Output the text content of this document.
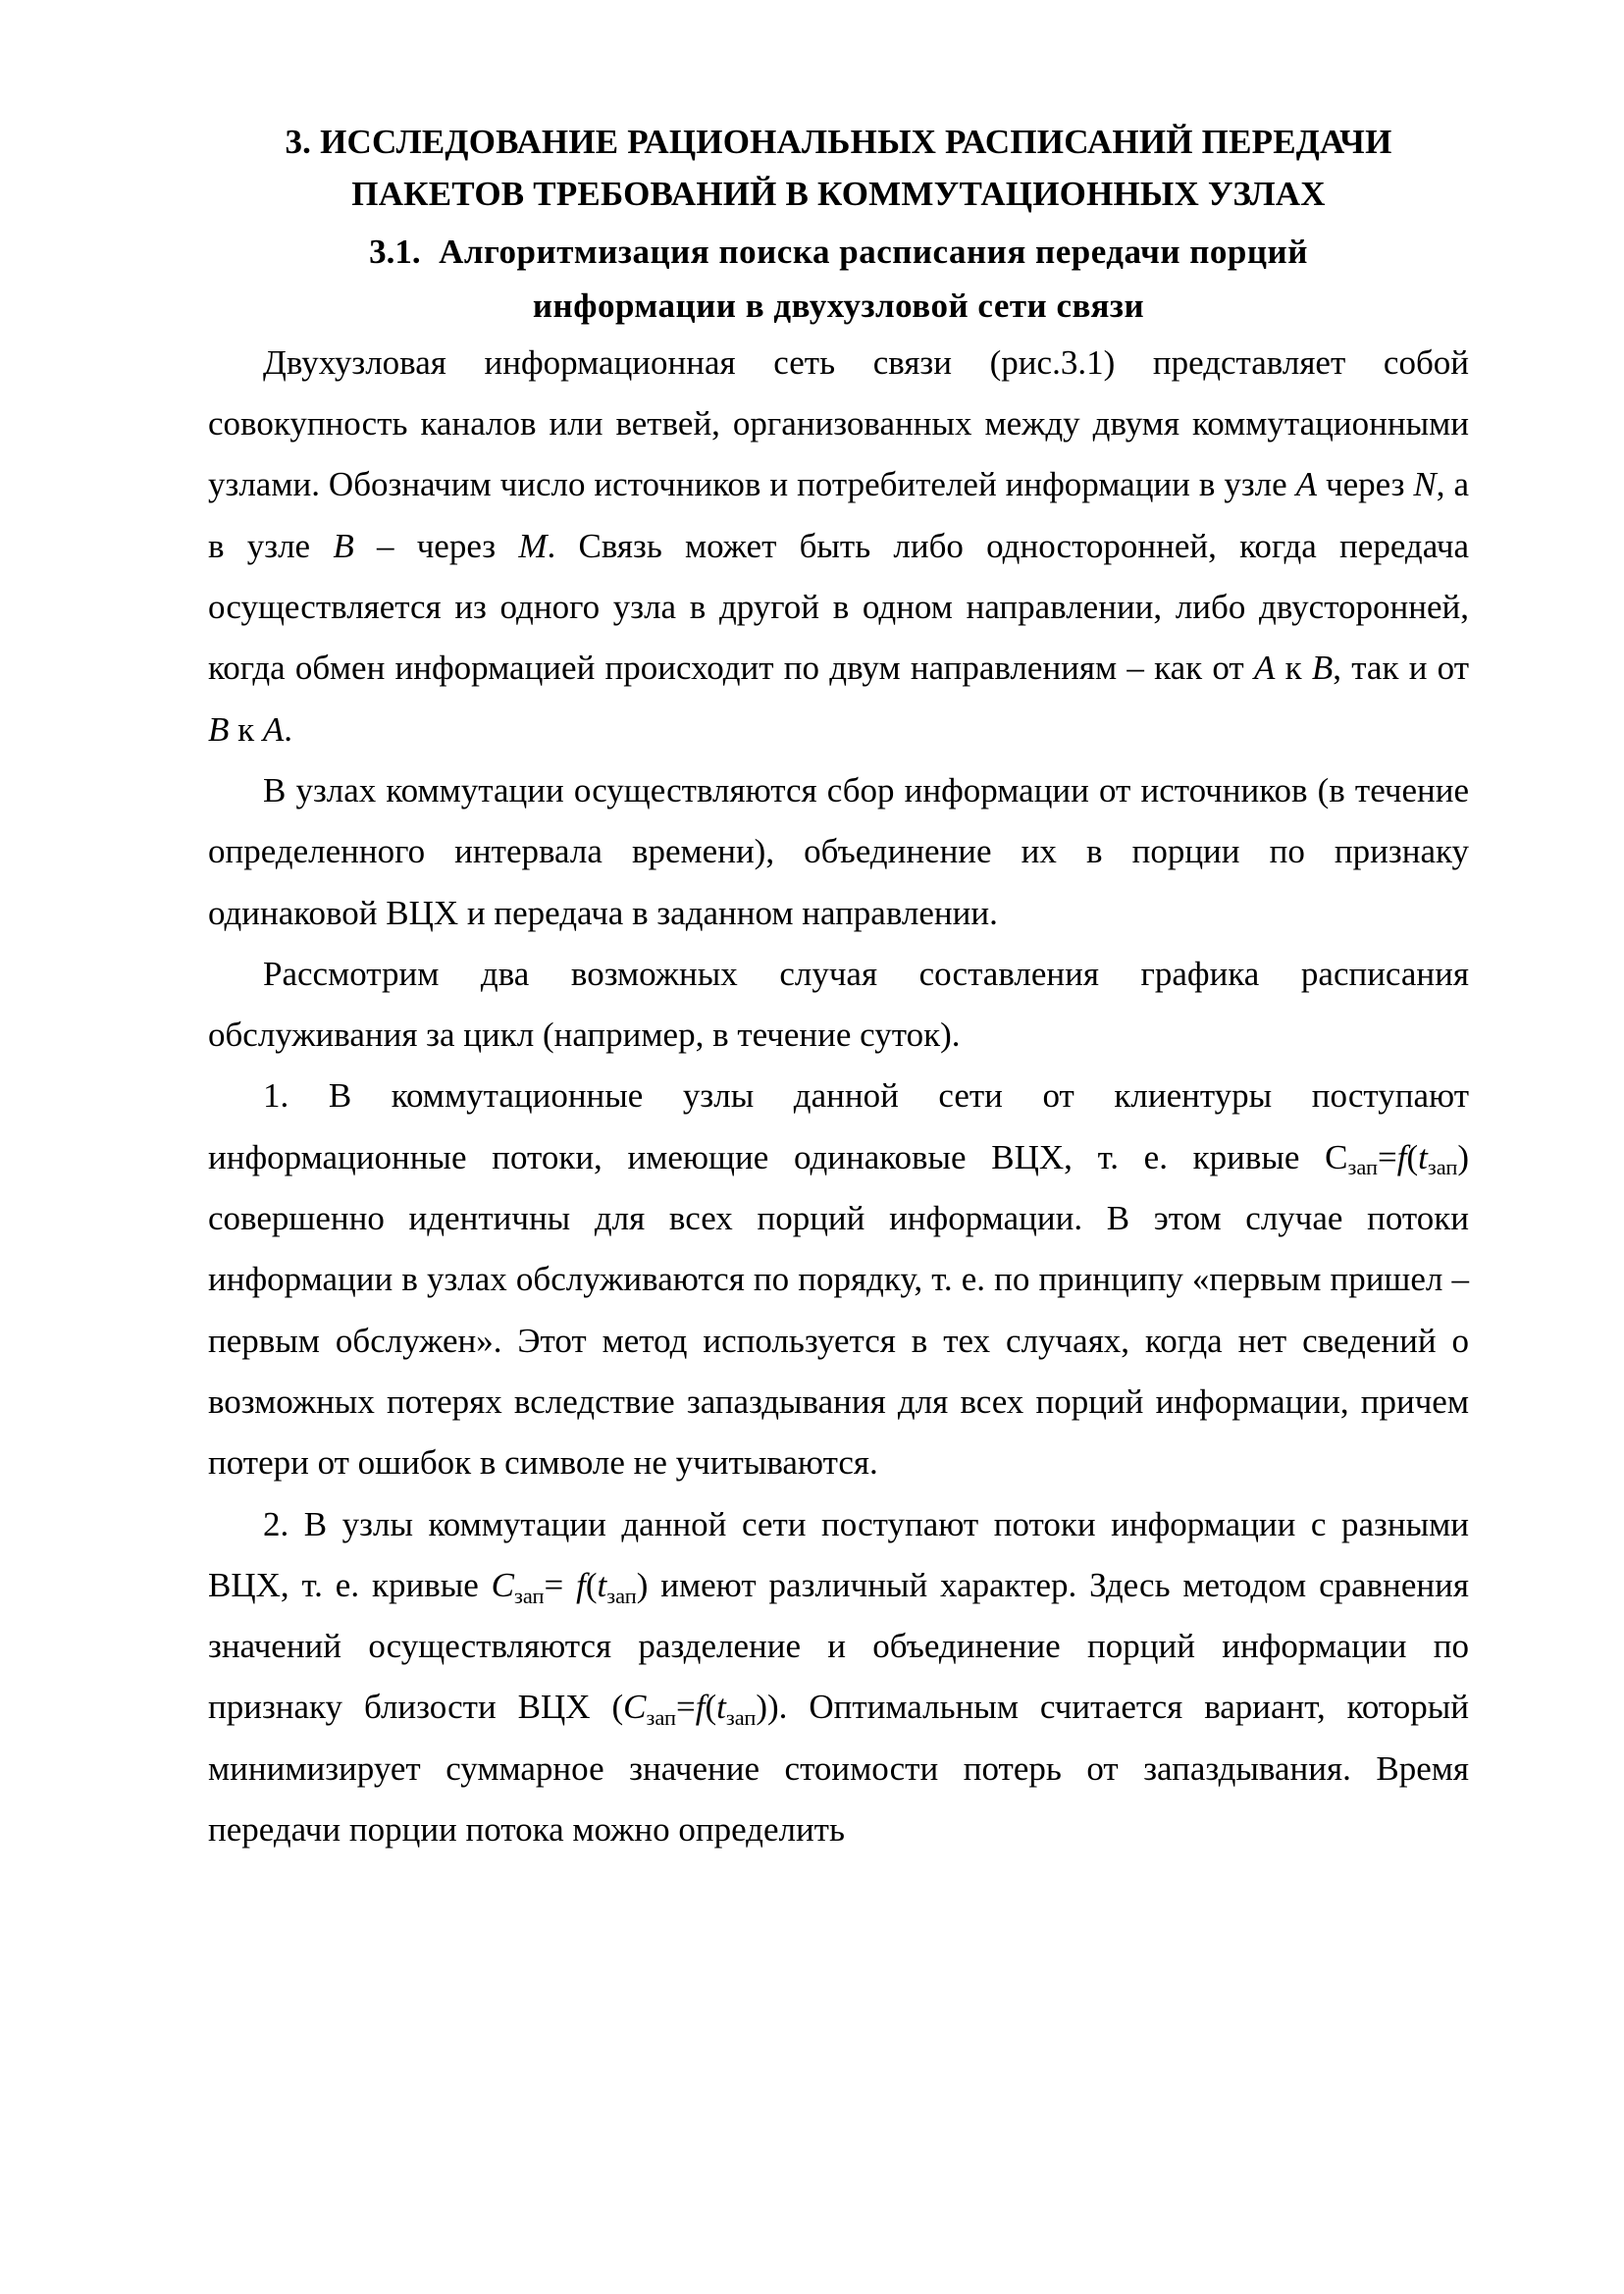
3. ИССЛЕДОВАНИЕ РАЦИОНАЛЬНЫХ РАСПИСАНИЙ ПЕРЕДАЧИ
ПАКЕТОВ ТРЕБОВАНИЙ В КОММУТАЦИОННЫХ УЗЛАХ
3.1. Алгоритмизация поиска расписания передачи порций
информации в двухузловой сети связи

Двухузловая информационная сеть связи (рис.3.1) представляет собой совокупность каналов или ветвей, организованных между двумя коммутационными узлами. Обозначим число источников и потребителей информации в узле A через N, а в узле B – через M. Связь может быть либо односторонней, когда передача осуществляется из одного узла в другой в одном направлении, либо двусторонней, когда обмен информацией происходит по двум направлениям – как от A к B, так и от B к A.

В узлах коммутации осуществляются сбор информации от источников (в течение определенного интервала времени), объединение их в порции по признаку одинаковой ВЦХ и передача в заданном направлении.

Рассмотрим два возможных случая составления графика расписания обслуживания за цикл (например, в течение суток).

1. В коммутационные узлы данной сети от клиентуры поступают информационные потоки, имеющие одинаковые ВЦХ, т. е. кривые $C_{зап}=f(t_{зап})$ совершенно идентичны для всех порций информации. В этом случае потоки информации в узлах обслуживаются по порядку, т. е. по принципу «первым пришел – первым обслужен». Этот метод используется в тех случаях, когда нет сведений о возможных потерях вследствие запаздывания для всех порций информации, причем потери от ошибок в символе не учитываются.

2. В узлы коммутации данной сети поступают потоки информации с разными ВЦХ, т. е. кривые $C_{зап}= f(t_{зап})$ имеют различный характер. Здесь методом сравнения значений осуществляются разделение и объединение порций информации по признаку близости ВЦХ $(C_{зап}=f(t_{зап}))$. Оптимальным считается вариант, который минимизирует суммарное значение стоимости потерь от запаздывания. Время передачи порции потока можно определить
